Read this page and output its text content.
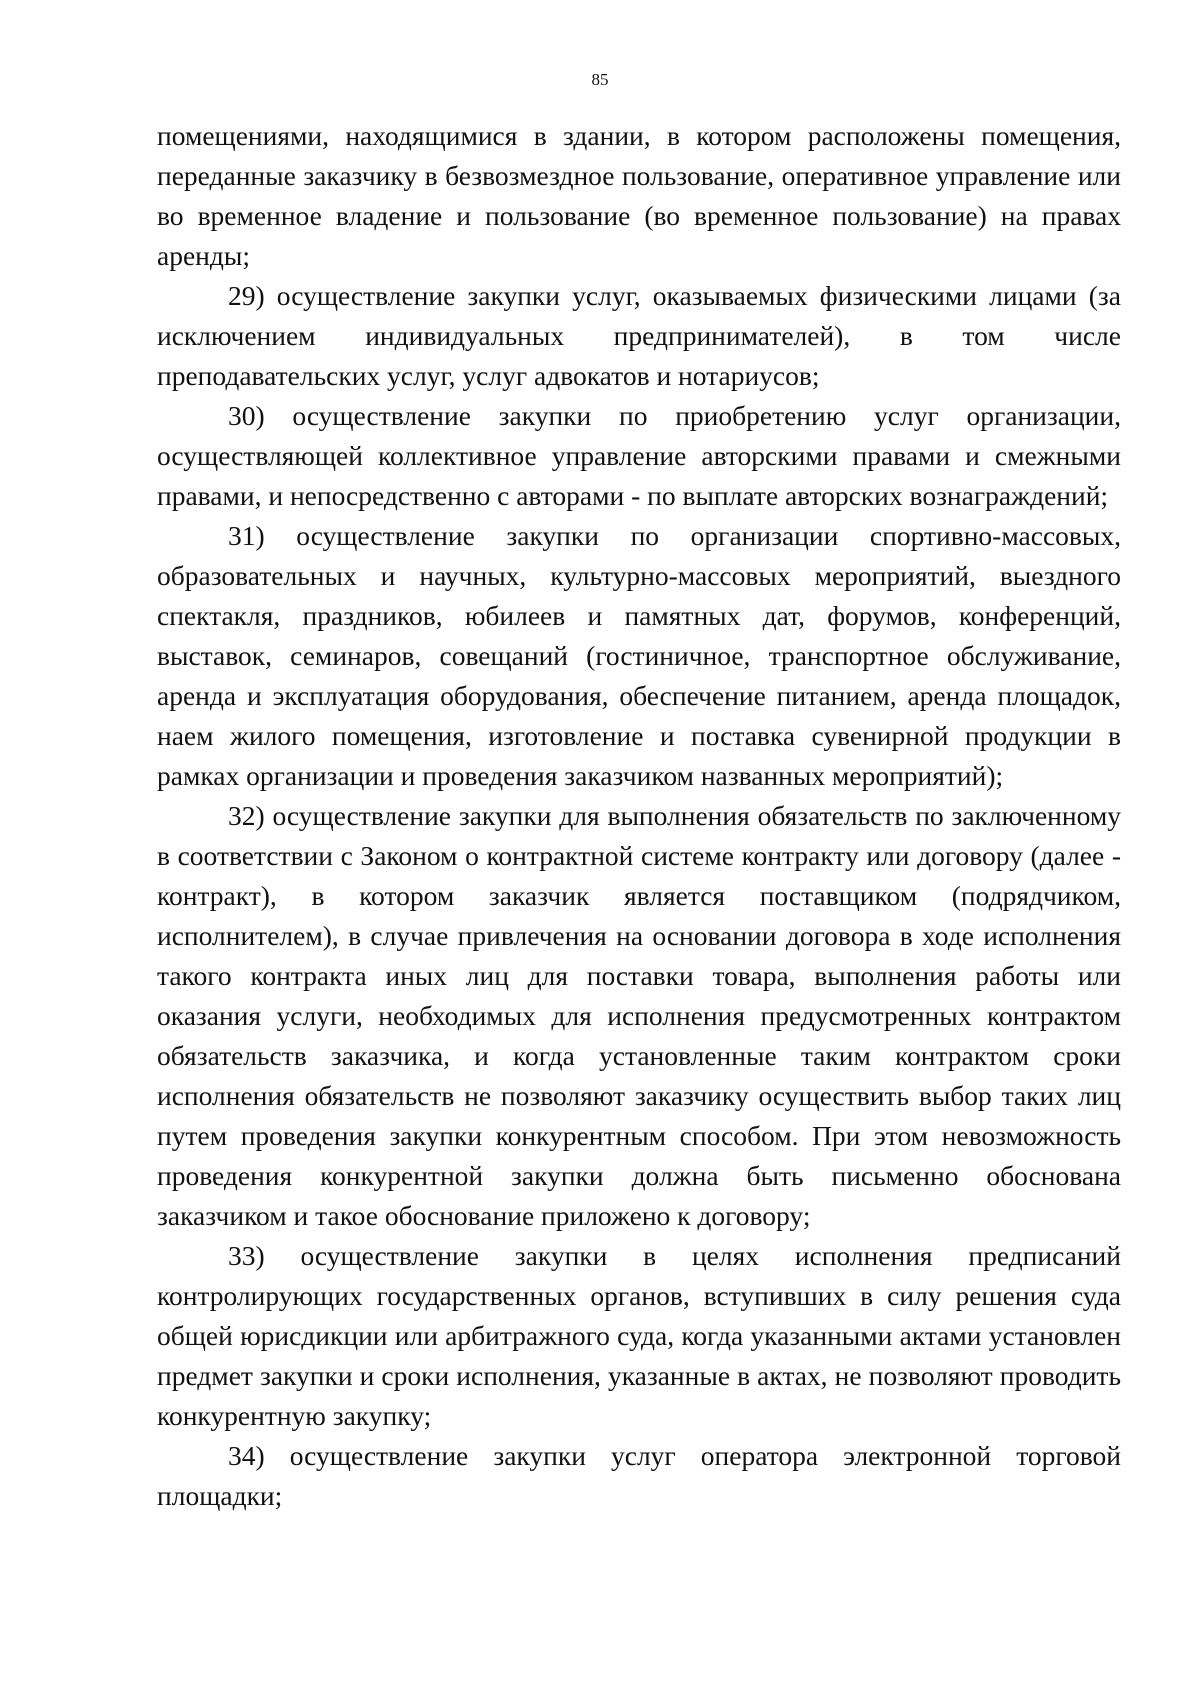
85

помещениями, находящимися в здании, в котором расположены помещения, переданные заказчику в безвозмездное пользование, оперативное управление или во временное владение и пользование (во временное пользование) на правах аренды;

29) осуществление закупки услуг, оказываемых физическими лицами (за исключением индивидуальных предпринимателей), в том числе преподавательских услуг, услуг адвокатов и нотариусов;

30) осуществление закупки по приобретению услуг организации, осуществляющей коллективное управление авторскими правами и смежными правами, и непосредственно с авторами - по выплате авторских вознаграждений;

31) осуществление закупки по организации спортивно-массовых, образовательных и научных, культурно-массовых мероприятий, выездного спектакля, праздников, юбилеев и памятных дат, форумов, конференций, выставок, семинаров, совещаний (гостиничное, транспортное обслуживание, аренда и эксплуатация оборудования, обеспечение питанием, аренда площадок, наем жилого помещения, изготовление и поставка сувенирной продукции в рамках организации и проведения заказчиком названных мероприятий);

32) осуществление закупки для выполнения обязательств по заключенному в соответствии с Законом о контрактной системе контракту или договору (далее - контракт), в котором заказчик является поставщиком (подрядчиком, исполнителем), в случае привлечения на основании договора в ходе исполнения такого контракта иных лиц для поставки товара, выполнения работы или оказания услуги, необходимых для исполнения предусмотренных контрактом обязательств заказчика, и когда установленные таким контрактом сроки исполнения обязательств не позволяют заказчику осуществить выбор таких лиц путем проведения закупки конкурентным способом. При этом невозможность проведения конкурентной закупки должна быть письменно обоснована заказчиком и такое обоснование приложено к договору;

33) осуществление закупки в целях исполнения предписаний контролирующих государственных органов, вступивших в силу решения суда общей юрисдикции или арбитражного суда, когда указанными актами установлен предмет закупки и сроки исполнения, указанные в актах, не позволяют проводить конкурентную закупку;

34) осуществление закупки услуг оператора электронной торговой площадки;
